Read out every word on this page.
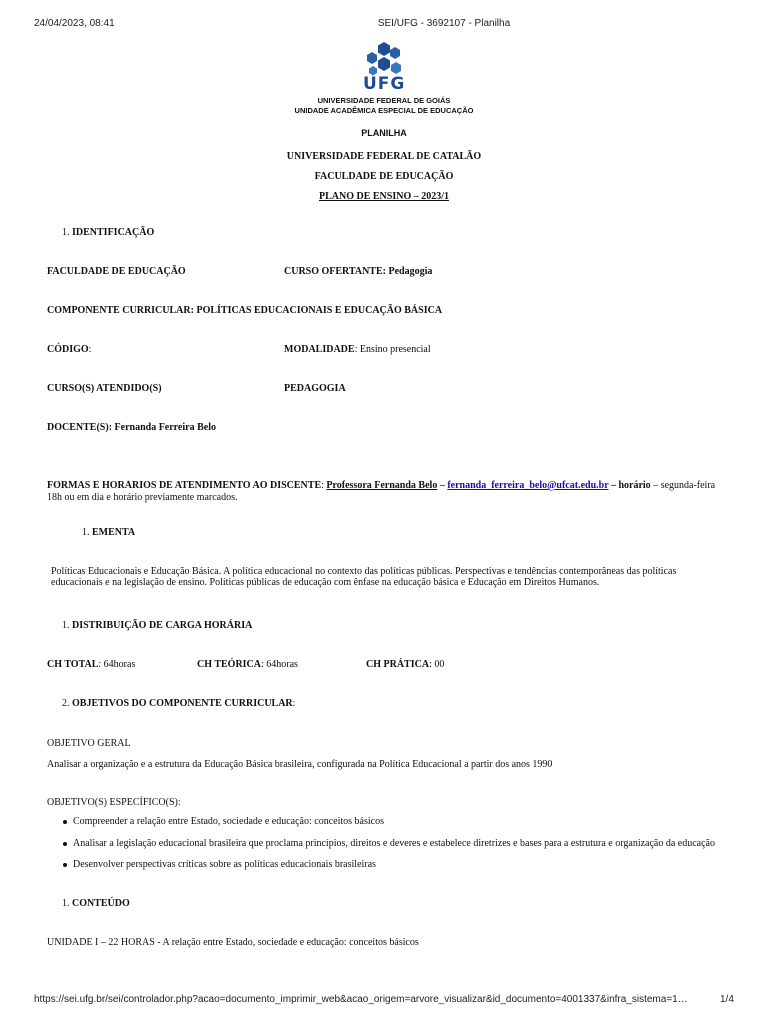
24/04/2023, 08:41	SEI/UFG - 3692107 - Planilha
UFG
UNIVERSIDADE FEDERAL DE GOIÁS
UNIDADE ACADÊMICA ESPECIAL DE EDUCAÇÃO
PLANILHA
UNIVERSIDADE FEDERAL DE CATALÃO
FACULDADE DE EDUCAÇÃO
PLANO DE ENSINO – 2023/1
1. IDENTIFICAÇÃO
FACULDADE DE EDUCAÇÃO	CURSO OFERTANTE: Pedagogia
COMPONENTE CURRICULAR: POLÍTICAS EDUCACIONAIS E EDUCAÇÃO BÁSICA
CÓDIGO:	MODALIDADE: Ensino presencial
CURSO(S) ATENDIDO(S)	PEDAGOGIA
DOCENTE(S): Fernanda Ferreira Belo
FORMAS E HORÁRIOS DE ATENDIMENTO AO DISCENTE: Professora Fernanda Belo – fernanda_ferreira_belo@ufcat.edu.br – horário – segunda-feira
18h ou em dia e horário previamente marcados.
1. EMENTA
Políticas Educacionais e Educação Básica. A política educacional no contexto das políticas públicas. Perspectivas e tendências contemporâneas das políticas
educacionais e na legislação de ensino. Políticas públicas de educação com ênfase na educação básica e Educação em Direitos Humanos.
1. DISTRIBUIÇÃO DE CARGA HORÁRIA
CH TOTAL: 64horas	CH TEÓRICA: 64horas	CH PRÁTICA: 00
2. OBJETIVOS DO COMPONENTE CURRICULAR:
OBJETIVO GERAL
Analisar a organização e a estrutura da Educação Básica brasileira, configurada na Política Educacional a partir dos anos 1990
OBJETIVO(S) ESPECÍFICO(S):
Compreender a relação entre Estado, sociedade e educação: conceitos básicos
Analisar a legislação educacional brasileira que proclama princípios, direitos e deveres e estabelece diretrizes e bases para a estrutura e organização da educação
Desenvolver perspectivas críticas sobre as políticas educacionais brasileiras
1. CONTEÚDO
UNIDADE I – 22 HORAS - A relação entre Estado, sociedade e educação: conceitos básicos
https://sei.ufg.br/sei/controlador.php?acao=documento_imprimir_web&acao_origem=arvore_visualizar&id_documento=4001337&infra_sistema=1…	1/4
